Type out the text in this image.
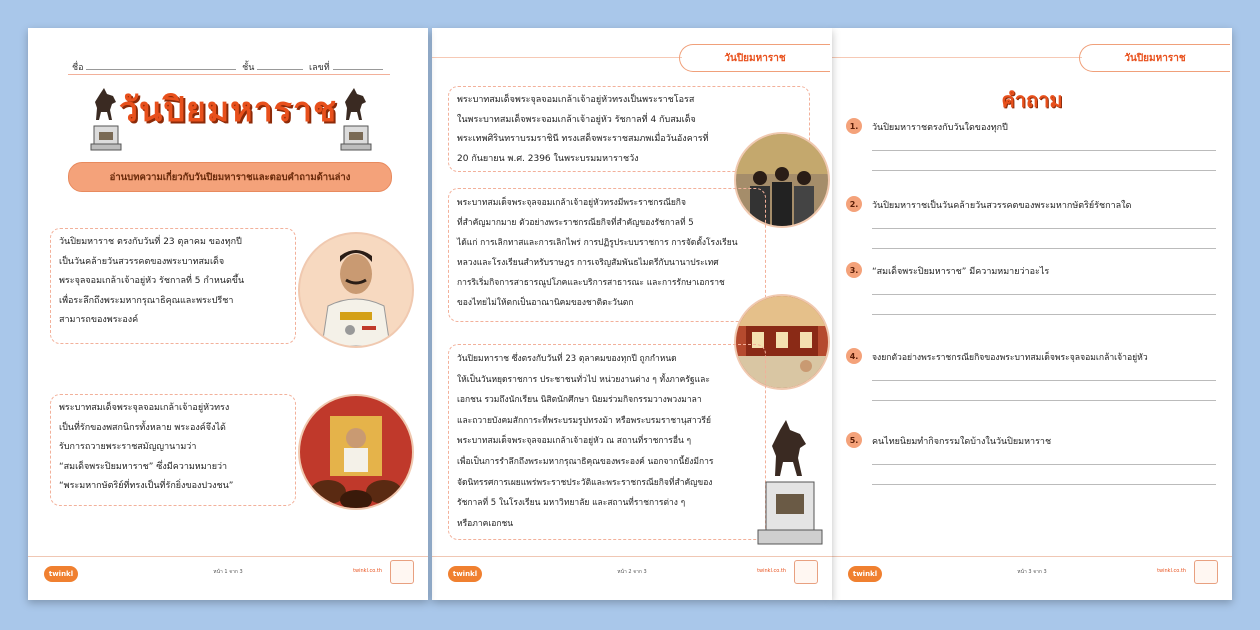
ชื่อ	ชั้น	เลขที่
วันปิยมหาราช
อ่านบทความเกี่ยวกับวันปิยมหาราชและตอบคำถามด้านล่าง
วันปิยมหาราช ตรงกับวันที่ 23 ตุลาคม ของทุกปี
เป็นวันคล้ายวันสวรรคตของพระบาทสมเด็จ
พระจุลจอมเกล้าเจ้าอยู่หัว รัชกาลที่ 5 กำหนดขึ้น
เพื่อระลึกถึงพระมหากรุณาธิคุณและพระปรีชา
สามารถของพระองค์
พระบาทสมเด็จพระจุลจอมเกล้าเจ้าอยู่หัวทรง
เป็นที่รักของพสกนิกรทั้งหลาย พระองค์จึงได้
รับการถวายพระราชสมัญญานามว่า
“สมเด็จพระปิยมหาราช” ซึ่งมีความหมายว่า
“พระมหากษัตริย์ที่ทรงเป็นที่รักยิ่งของปวงชน”
twinkl	หน้า 1 จาก 3	twinkl.co.th
วันปิยมหาราช
พระบาทสมเด็จพระจุลจอมเกล้าเจ้าอยู่หัวทรงเป็นพระราชโอรส
ในพระบาทสมเด็จพระจอมเกล้าเจ้าอยู่หัว รัชกาลที่ 4 กับสมเด็จ
พระเทพศิรินทราบรมราชินี ทรงเสด็จพระราชสมภพเมื่อวันอังคารที่
20 กันยายน พ.ศ. 2396 ในพระบรมมหาราชวัง
พระบาทสมเด็จพระจุลจอมเกล้าเจ้าอยู่หัวทรงมีพระราชกรณียกิจ
ที่สำคัญมากมาย ตัวอย่างพระราชกรณียกิจที่สำคัญของรัชกาลที่ 5
ได้แก่ การเลิกทาสและการเลิกไพร่ การปฏิรูประบบราชการ การจัดตั้งโรงเรียน
หลวงและโรงเรียนสำหรับราษฎร การเจริญสัมพันธไมตรีกับนานาประเทศ
การริเริ่มกิจการสาธารณูปโภคและบริการสาธารณะ และการรักษาเอกราช
ของไทยไม่ให้ตกเป็นอาณานิคมของชาติตะวันตก
วันปิยมหาราช ซึ่งตรงกับวันที่ 23 ตุลาคมของทุกปี ถูกกำหนด
ให้เป็นวันหยุดราชการ ประชาชนทั่วไป หน่วยงานต่าง ๆ ทั้งภาครัฐและ
เอกชน รวมถึงนักเรียน นิสิตนักศึกษา นิยมร่วมกิจกรรมวางพวงมาลา
และถวายบังคมสักการะที่พระบรมรูปทรงม้า หรือพระบรมราชานุสาวรีย์
พระบาทสมเด็จพระจุลจอมเกล้าเจ้าอยู่หัว ณ สถานที่ราชการอื่น ๆ
เพื่อเป็นการรำลึกถึงพระมหากรุณาธิคุณของพระองค์ นอกจากนี้ยังมีการ
จัดนิทรรศการเผยแพร่พระราชประวัติและพระราชกรณียกิจที่สำคัญของ
รัชกาลที่ 5 ในโรงเรียน มหาวิทยาลัย และสถานที่ราชการต่าง ๆ
หรือภาคเอกชน
twinkl	หน้า 2 จาก 3	twinkl.co.th
วันปิยมหาราช
คำถาม
1.	วันปิยมหาราชตรงกับวันใดของทุกปี
2.	วันปิยมหาราชเป็นวันคล้ายวันสวรรคตของพระมหากษัตริย์รัชกาลใด
3.	“สมเด็จพระปิยมหาราช” มีความหมายว่าอะไร
4.	จงยกตัวอย่างพระราชกรณียกิจของพระบาทสมเด็จพระจุลจอมเกล้าเจ้าอยู่หัว
5.	คนไทยนิยมทำกิจกรรมใดบ้างในวันปิยมหาราช
twinkl	หน้า 3 จาก 3	twinkl.co.th
